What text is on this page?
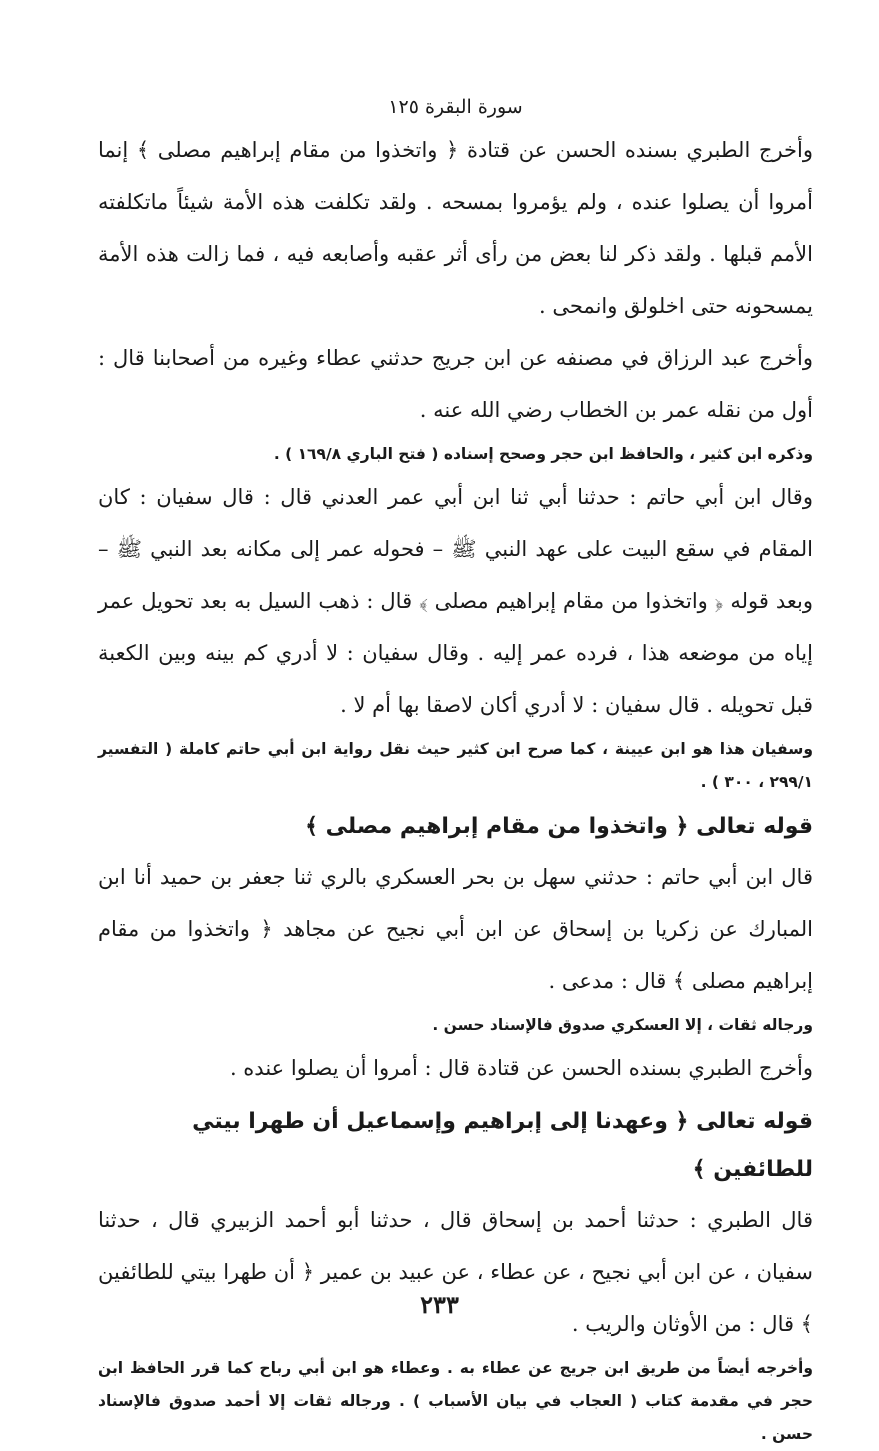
سورة البقرة ١٢٥

وأخرج الطبري بسنده الحسن عن قتادة ﴿ واتخذوا من مقام إبراهيم مصلى ﴾ إنما أمروا أن يصلوا عنده ، ولم يؤمروا بمسحه . ولقد تكلفت هذه الأمة شيئاً ماتكلفته الأمم قبلها . ولقد ذكر لنا بعض من رأى أثر عقبه وأصابعه فيه ، فما زالت هذه الأمة يمسحونه حتى اخلولق وانمحى .

وأخرج عبد الرزاق في مصنفه عن ابن جريج حدثني عطاء وغيره من أصحابنا قال : أول من نقله عمر بن الخطاب رضي الله عنه .

وذكره ابن كثير ، والحافظ ابن حجر وصحح إسناده ( فتح الباري ١٦٩/٨ ) .

وقال ابن أبي حاتم : حدثنا أبي ثنا ابن أبي عمر العدني قال : قال سفيان : كان المقام في سقع البيت على عهد النبي ﷺ – فحوله عمر إلى مكانه بعد النبي ﷺ – وبعد قوله ﴿ واتخذوا من مقام إبراهيم مصلى ﴾ قال : ذهب السيل به بعد تحويل عمر إياه من موضعه هذا ، فرده عمر إليه . وقال سفيان : لا أدري كم بينه وبين الكعبة قبل تحويله . قال سفيان : لا أدري أكان لاصقا بها أم لا .

وسفيان هذا هو ابن عيينة ، كما صرح ابن كثير حيث نقل رواية ابن أبي حاتم كاملة ( التفسير ٢٩٩/١ ، ٣٠٠ ) .

قوله تعالى ﴿ واتخذوا من مقام إبراهيم مصلى ﴾

قال ابن أبي حاتم : حدثني سهل بن بحر العسكري بالري ثنا جعفر بن حميد أنا ابن المبارك عن زكريا بن إسحاق عن ابن أبي نجيح عن مجاهد ﴿ واتخذوا من مقام إبراهيم مصلى ﴾ قال : مدعى .

ورجاله ثقات ، إلا العسكري صدوق فالإسناد حسن .

وأخرج الطبري بسنده الحسن عن قتادة قال : أمروا أن يصلوا عنده .

قوله تعالى ﴿ وعهدنا إلى إبراهيم وإسماعيل أن طهرا بيتي للطائفين ﴾

قال الطبري : حدثنا أحمد بن إسحاق قال ، حدثنا أبو أحمد الزبيري قال ، حدثنا سفيان ، عن ابن أبي نجيح ، عن عطاء ، عن عبيد بن عمير ﴿ أن طهرا بيتي للطائفين ﴾ قال : من الأوثان والريب .

وأخرجه أيضاً من طريق ابن جريج عن عطاء به . وعطاء هو ابن أبي رباح كما قرر الحافظ ابن حجر في مقدمة كتاب ( العجاب في بيان الأسباب ) . ورجاله ثقات إلا أحمد صدوق فالإسناد حسن .

٢٣٣
